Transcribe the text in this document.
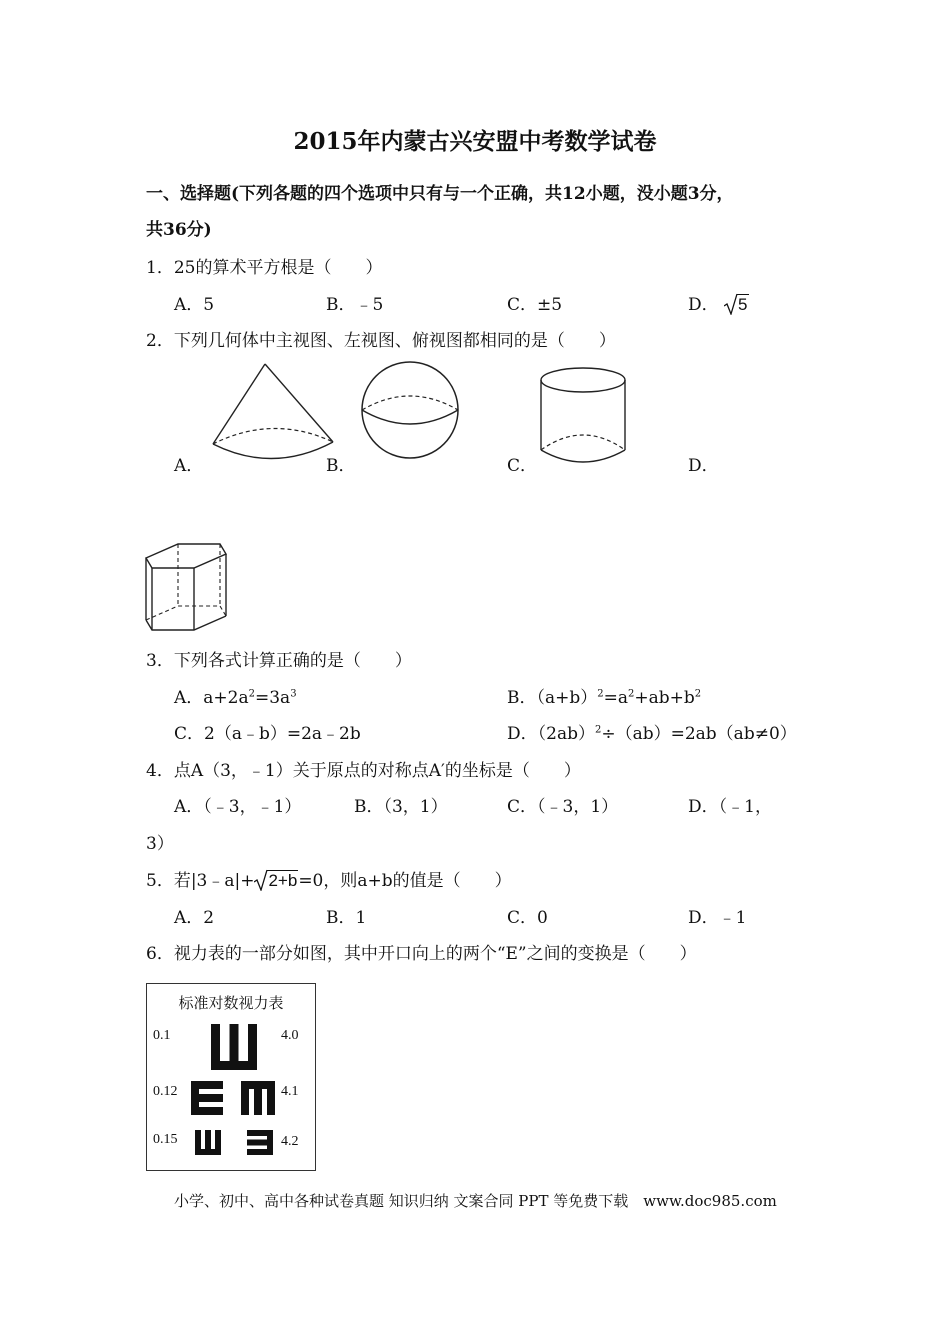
2015年内蒙古兴安盟中考数学试卷
一、选择题(下列各题的四个选项中只有与一个正确，共12小题，没小题3分，
共36分)
1．25的算术平方根是（　　）
A．5	B．﹣5	C．±5	D． 5
2．下列几何体中主视图、左视图、俯视图都相同的是（　　）
A．	B．	C．	D．
3．下列各式计算正确的是（　　）
A．$a+2a^2=3a^3$	B．$(a+b)^2=a^2+ab+b^2$
C．2（a﹣b）=2a﹣2b	D．$(2ab)^2\div(ab)=2ab(ab\ne 0)$
4．点A（3，﹣1）关于原点的对称点A′的坐标是（　　）
A．（﹣3，﹣1）	B．（3，1）	C．（﹣3，1）	D．（﹣1，
3）
5．若|3﹣a|+ 2+b=0，则a+b的值是（　　）
A．2	B．1	C．0	D．﹣1
6．视力表的一部分如图，其中开口向上的两个“E”之间的变换是（　　）
标准对数视力表
0.1
0.12
0.15
4.0
4.1
4.2
小学、初中、高中各种试卷真题 知识归纳 文案合同 PPT 等免费下载　www.doc985.com
